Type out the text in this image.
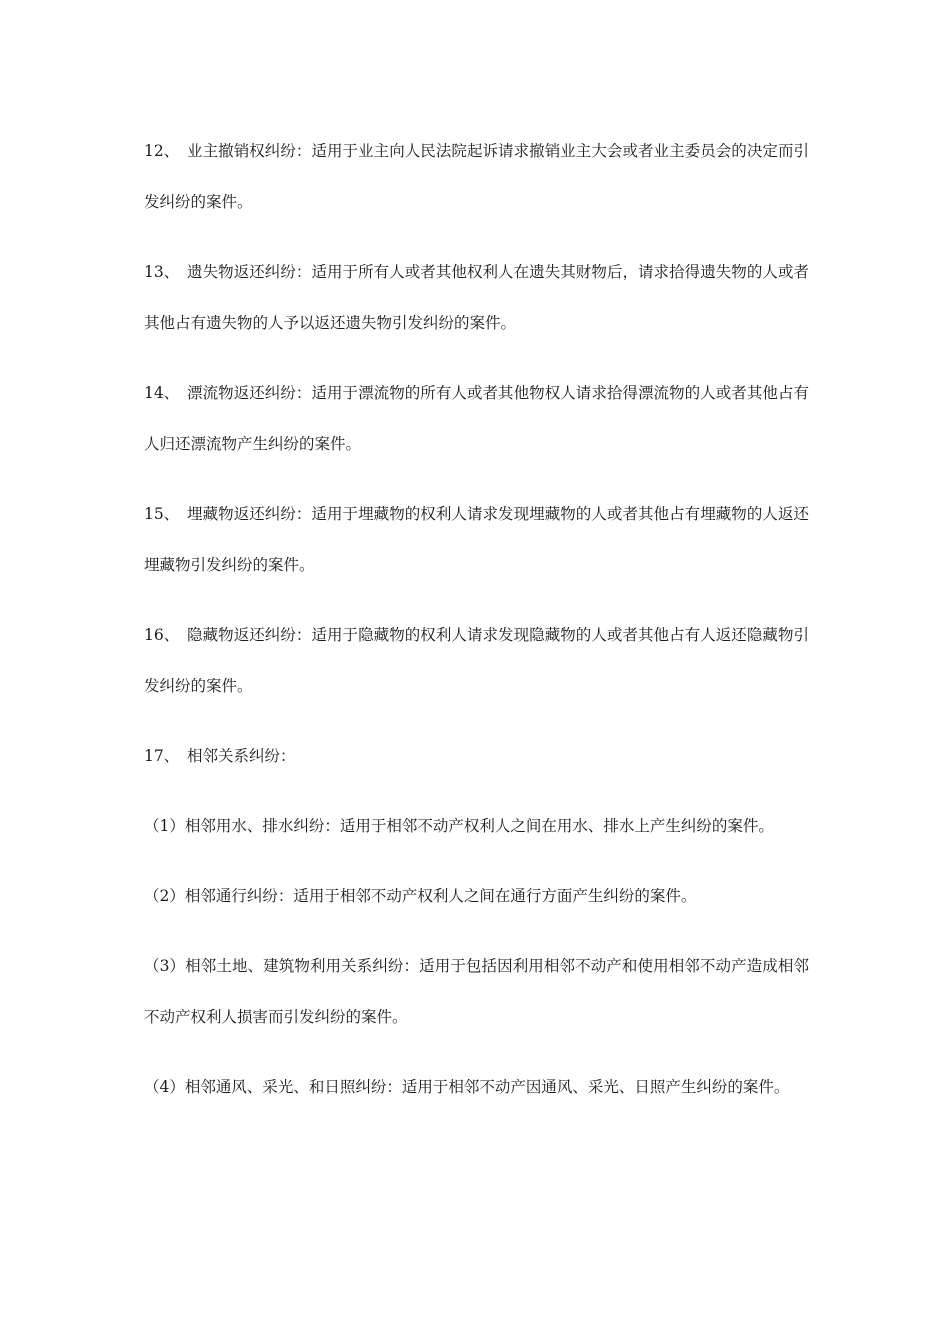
12、 业主撤销权纠纷：适用于业主向人民法院起诉请求撤销业主大会或者业主委员会的决定而引发纠纷的案件。

13、 遗失物返还纠纷：适用于所有人或者其他权利人在遗失其财物后，请求拾得遗失物的人或者其他占有遗失物的人予以返还遗失物引发纠纷的案件。

14、 漂流物返还纠纷：适用于漂流物的所有人或者其他物权人请求拾得漂流物的人或者其他占有人归还漂流物产生纠纷的案件。

15、 埋藏物返还纠纷：适用于埋藏物的权利人请求发现埋藏物的人或者其他占有埋藏物的人返还埋藏物引发纠纷的案件。

16、 隐藏物返还纠纷：适用于隐藏物的权利人请求发现隐藏物的人或者其他占有人返还隐藏物引发纠纷的案件。

17、 相邻关系纠纷：

（1）相邻用水、排水纠纷：适用于相邻不动产权利人之间在用水、排水上产生纠纷的案件。

（2）相邻通行纠纷：适用于相邻不动产权利人之间在通行方面产生纠纷的案件。

（3）相邻土地、建筑物利用关系纠纷：适用于包括因利用相邻不动产和使用相邻不动产造成相邻不动产权利人损害而引发纠纷的案件。

（4）相邻通风、采光、和日照纠纷：适用于相邻不动产因通风、采光、日照产生纠纷的案件。
